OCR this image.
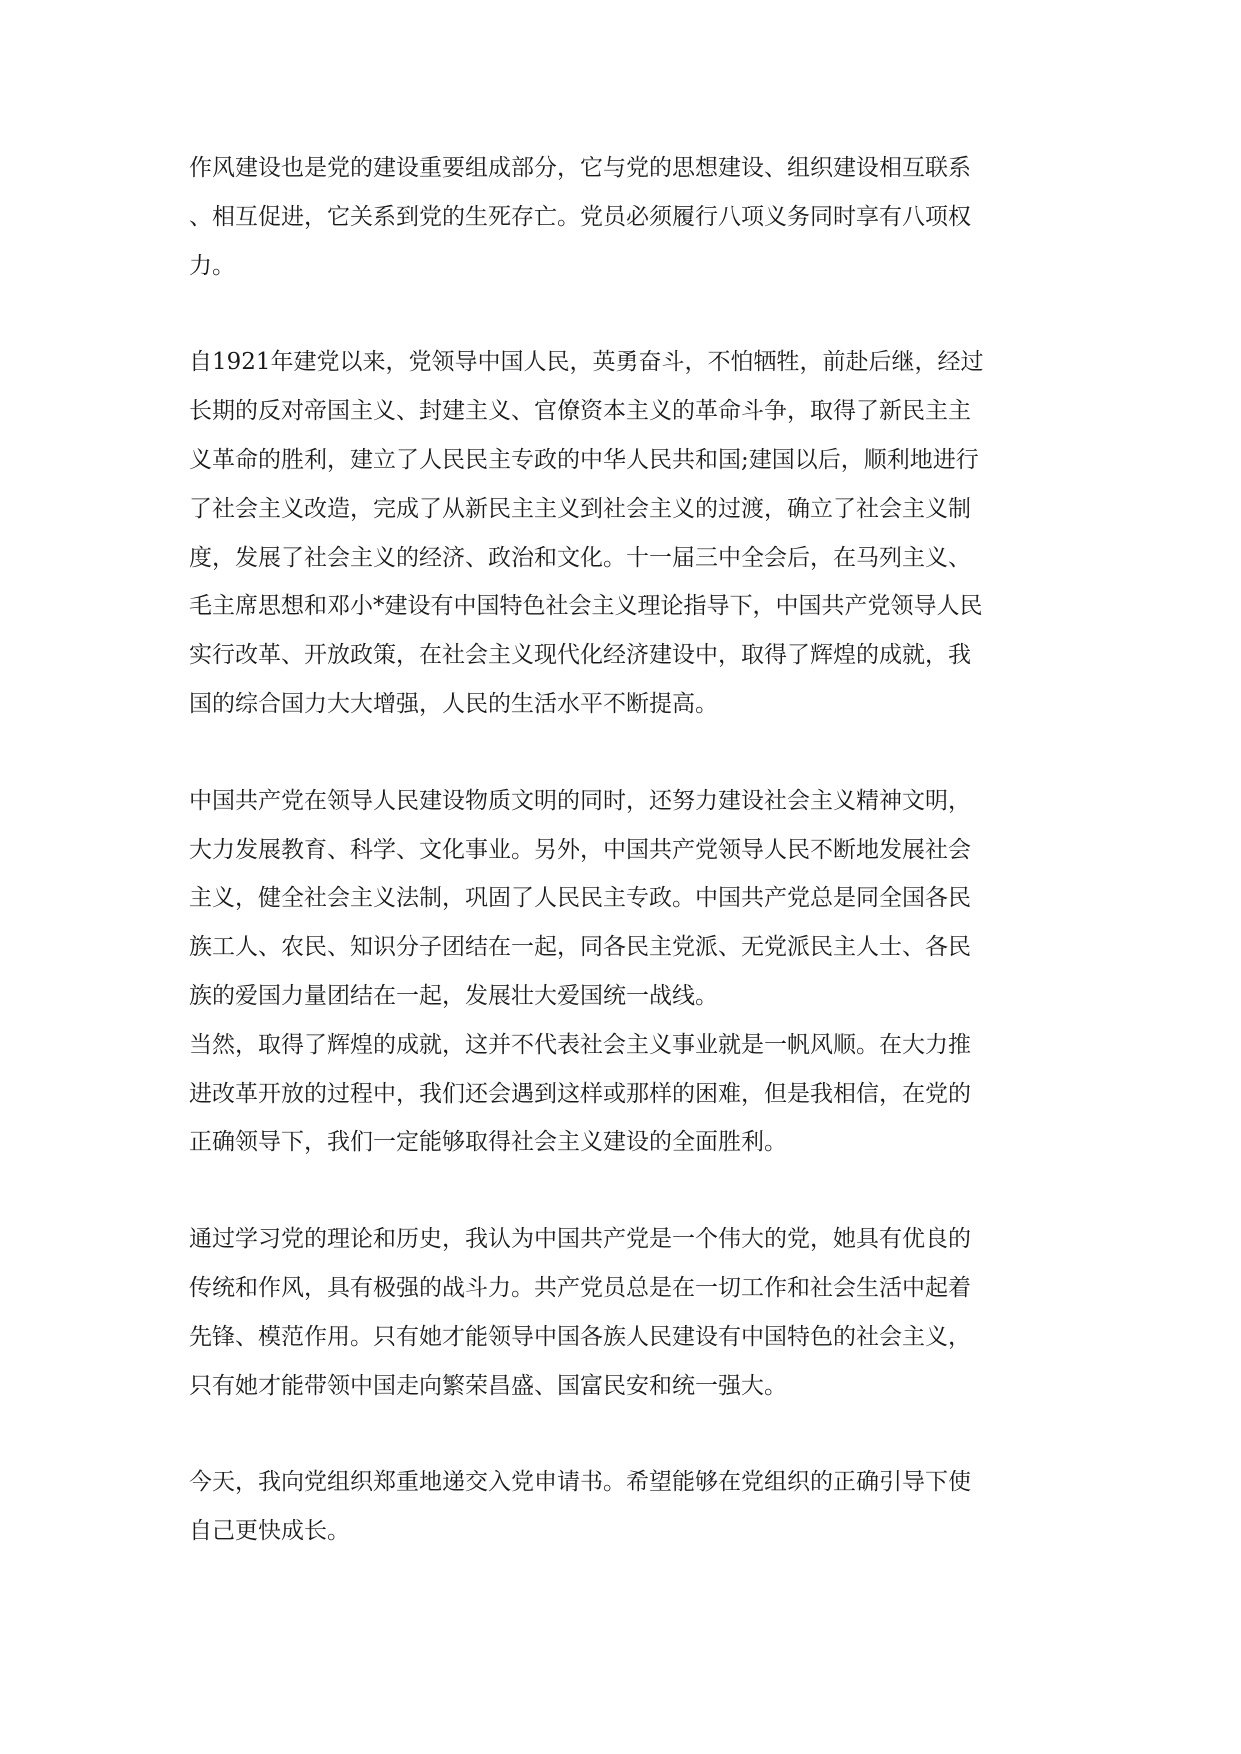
作风建设也是党的建设重要组成部分，它与党的思想建设、组织建设相互联系
、相互促进，它关系到党的生死存亡。党员必须履行八项义务同时享有八项权
力。

自1921年建党以来，党领导中国人民，英勇奋斗，不怕牺牲，前赴后继，经过
长期的反对帝国主义、封建主义、官僚资本主义的革命斗争，取得了新民主主
义革命的胜利，建立了人民民主专政的中华人民共和国;建国以后，顺利地进行
了社会主义改造，完成了从新民主主义到社会主义的过渡，确立了社会主义制
度，发展了社会主义的经济、政治和文化。十一届三中全会后，在马列主义、
毛主席思想和邓小*建设有中国特色社会主义理论指导下，中国共产党领导人民
实行改革、开放政策，在社会主义现代化经济建设中，取得了辉煌的成就，我
国的综合国力大大增强，人民的生活水平不断提高。

中国共产党在领导人民建设物质文明的同时，还努力建设社会主义精神文明，
大力发展教育、科学、文化事业。另外，中国共产党领导人民不断地发展社会
主义，健全社会主义法制，巩固了人民民主专政。中国共产党总是同全国各民
族工人、农民、知识分子团结在一起，同各民主党派、无党派民主人士、各民
族的爱国力量团结在一起，发展壮大爱国统一战线。
当然，取得了辉煌的成就，这并不代表社会主义事业就是一帆风顺。在大力推
进改革开放的过程中，我们还会遇到这样或那样的困难，但是我相信，在党的
正确领导下，我们一定能够取得社会主义建设的全面胜利。

通过学习党的理论和历史，我认为中国共产党是一个伟大的党，她具有优良的
传统和作风，具有极强的战斗力。共产党员总是在一切工作和社会生活中起着
先锋、模范作用。只有她才能领导中国各族人民建设有中国特色的社会主义，
只有她才能带领中国走向繁荣昌盛、国富民安和统一强大。

今天，我向党组织郑重地递交入党申请书。希望能够在党组织的正确引导下使
自己更快成长。
